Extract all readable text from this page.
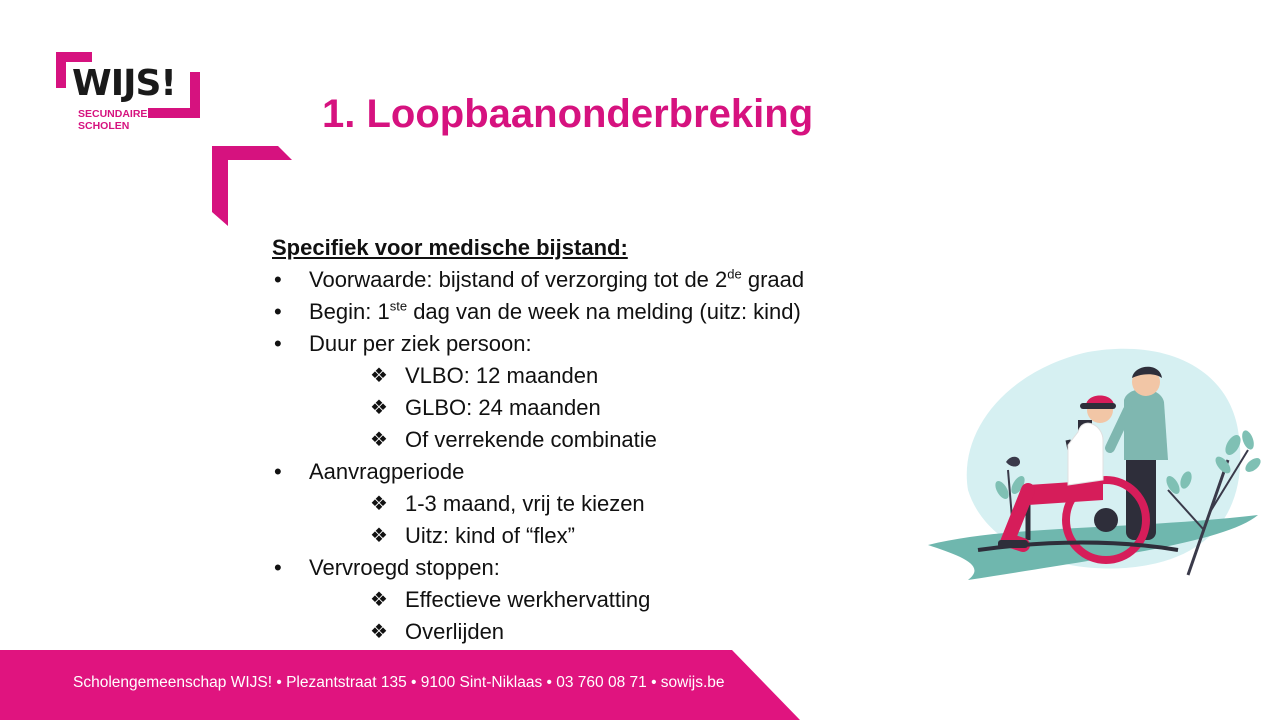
WIJS!
SECUNDAIRE
SCHOLEN	1. Loopbaanonderbreking
Specifiek voor medische bijstand:
• Voorwaarde: bijstand of verzorging tot de 2de graad
• Begin: 1ste dag van de week na melding (uitz: kind)
• Duur per ziek persoon:
❖ VLBO: 12 maanden
❖ GLBO: 24 maanden
❖ Of verrekende combinatie
• Aanvragperiode
❖ 1-3 maand, vrij te kiezen
❖ Uitz: kind of “flex”
• Vervroegd stoppen:
❖ Effectieve werkhervatting
❖ Overlijden
Scholengemeenschap WIJS! • Plezantstraat 135 • 9100 Sint-Niklaas • 03 760 08 71 • sowijs.be
